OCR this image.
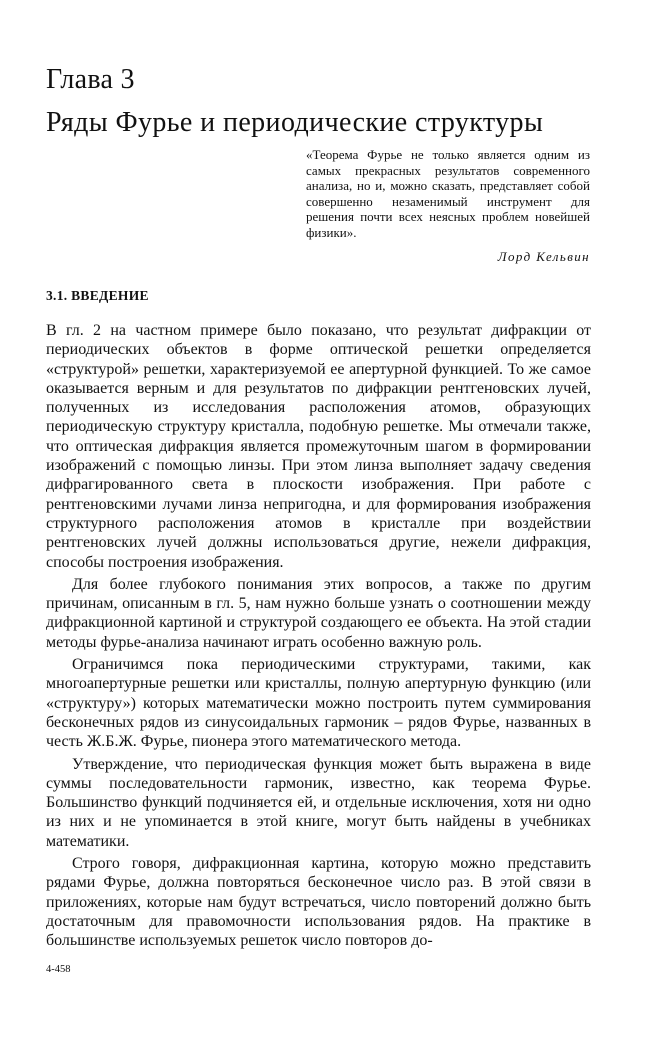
Глава 3
Ряды Фурье и периодические структуры

«Теорема Фурье не только является одним из самых прекрасных результатов современного анализа, но и, можно сказать, представляет собой совершенно незаменимый инструмент для решения почти всех неясных проблем новейшей физики».

Лорд Кельвин

3.1. ВВЕДЕНИЕ

В гл. 2 на частном примере было показано, что результат дифракции от периодических объектов в форме оптической решетки определяется «структурой» решетки, характеризуемой ее апертурной функцией. То же самое оказывается верным и для результатов по дифракции рентгеновских лучей, полученных из исследования расположения атомов, образующих периодическую структуру кристалла, подобную решетке. Мы отмечали также, что оптическая дифракция является промежуточным шагом в формировании изображений с помощью линзы. При этом линза выполняет задачу сведения дифрагированного света в плоскости изображения. При работе с рентгеновскими лучами линза непригодна, и для формирования изображения структурного расположения атомов в кристалле при воздействии рентгеновских лучей должны использоваться другие, нежели дифракция, способы построения изображения.

Для более глубокого понимания этих вопросов, а также по другим причинам, описанным в гл. 5, нам нужно больше узнать о соотношении между дифракционной картиной и структурой создающего ее объекта. На этой стадии методы фурье-анализа начинают играть особенно важную роль.

Ограничимся пока периодическими структурами, такими, как многоапертурные решетки или кристаллы, полную апертурную функцию (или «структуру») которых математически можно построить путем суммирования бесконечных рядов из синусоидальных гармоник – рядов Фурье, названных в честь Ж.Б.Ж. Фурье, пионера этого математического метода.

Утверждение, что периодическая функция может быть выражена в виде суммы последовательности гармоник, известно, как теорема Фурье. Большинство функций подчиняется ей, и отдельные исключения, хотя ни одно из них и не упоминается в этой книге, могут быть найдены в учебниках математики.

Строго говоря, дифракционная картина, которую можно представить рядами Фурье, должна повторяться бесконечное число раз. В этой связи в приложениях, которые нам будут встречаться, число повторений должно быть достаточным для правомочности использования рядов. На практике в большинстве используемых решеток число повторов до-

4-458
